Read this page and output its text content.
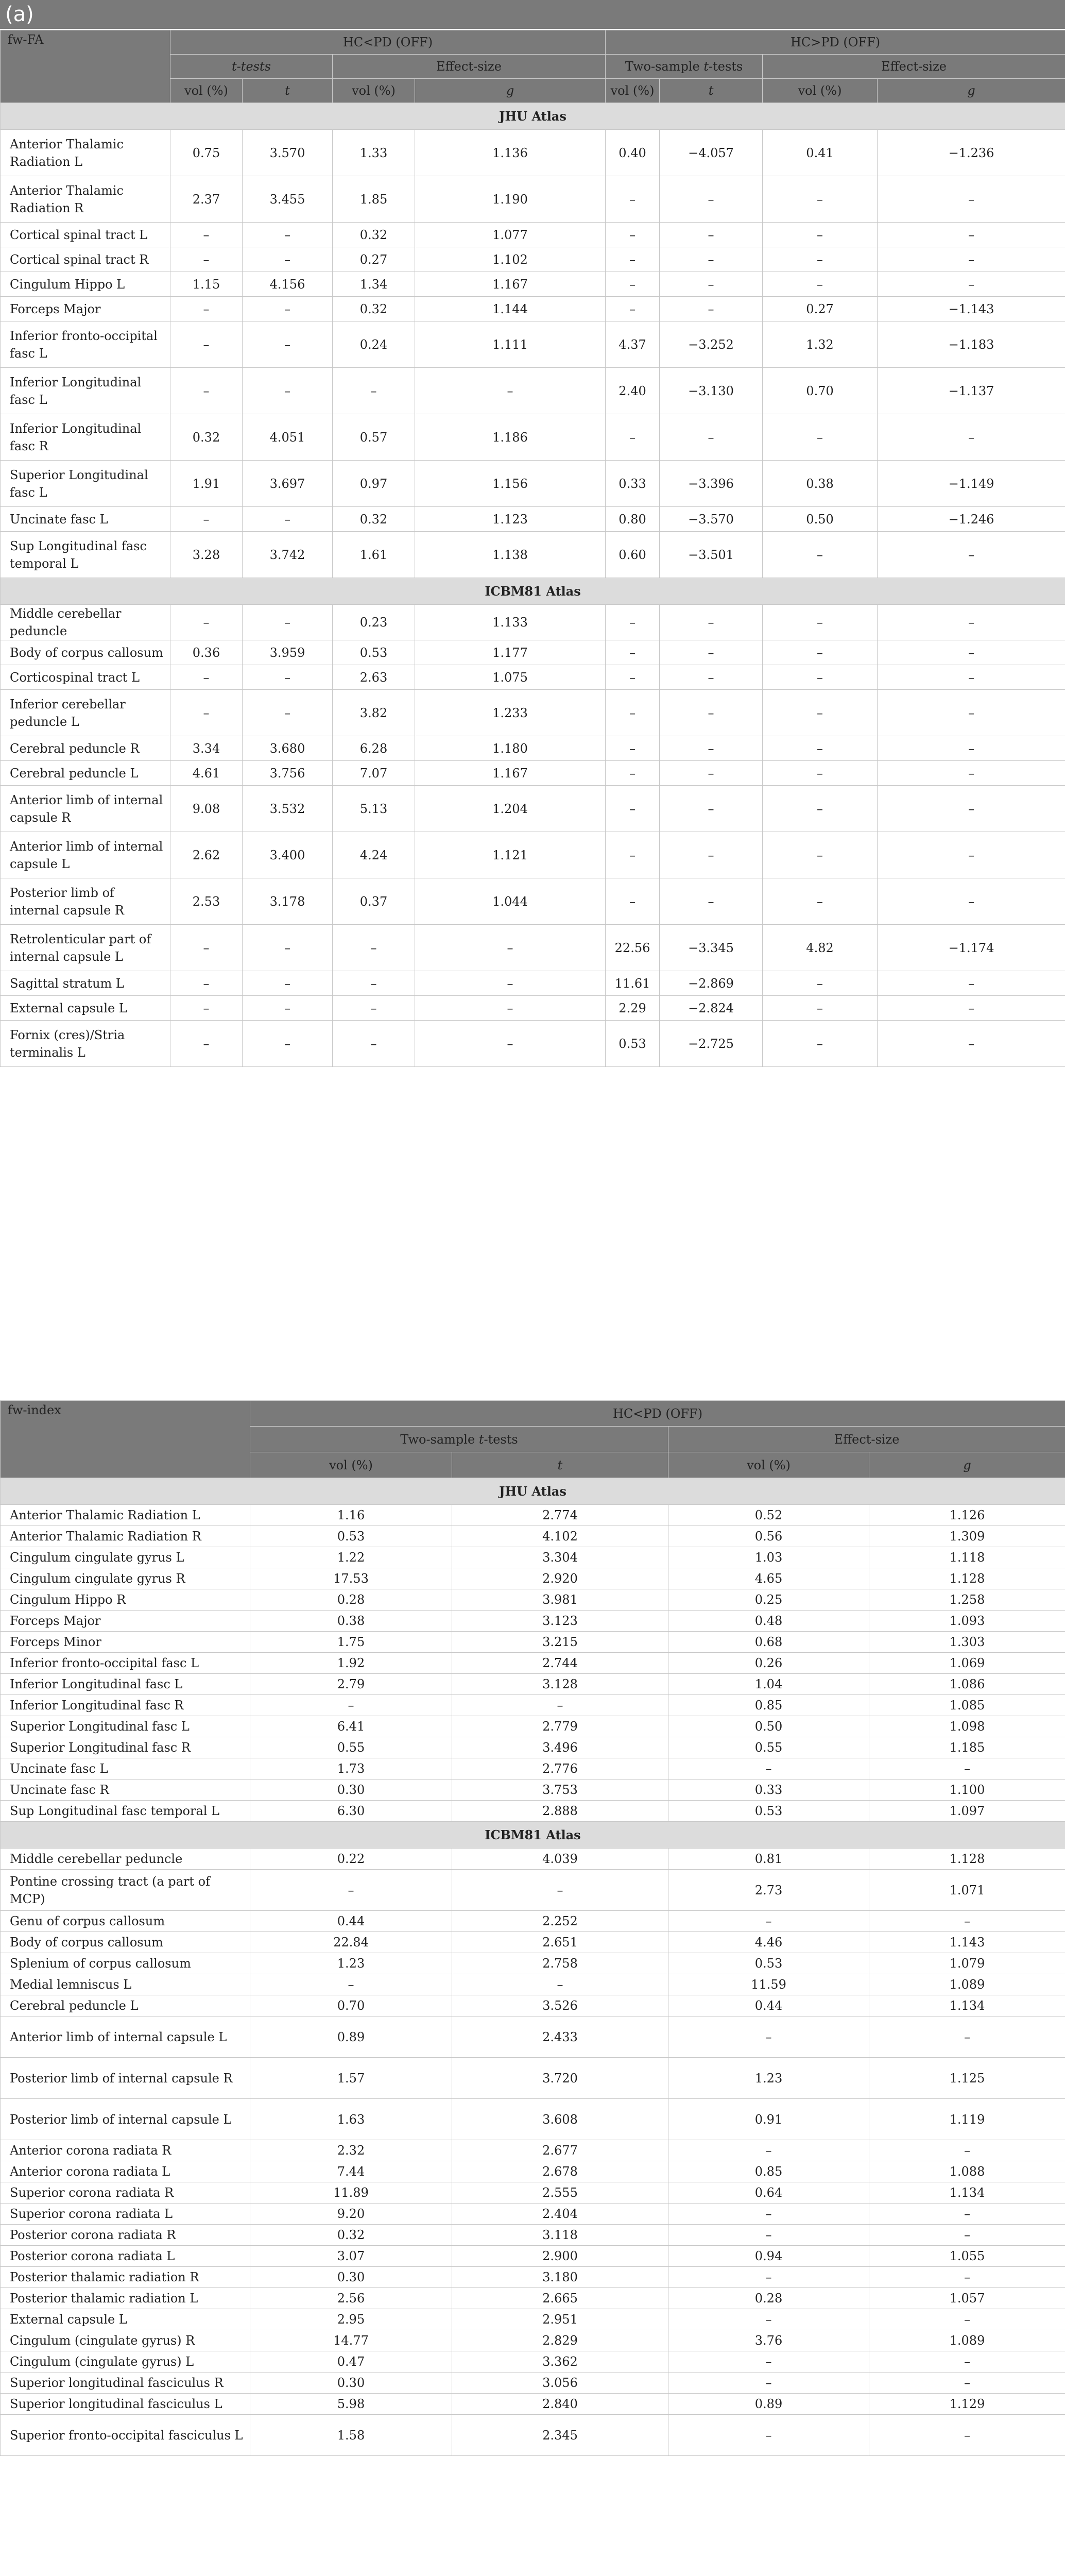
(a)
fw-FA	HC<PD (OFF)				HC>PD (OFF)			
	t-tests		Effect-size		Two-sample t-tests		Effect-size	
	vol (%)	t	vol (%)	g	vol (%)	t	vol (%)	g
JHU Atlas								
Anterior Thalamic Radiation L	0.75	3.570	1.33	1.136	0.40	−4.057	0.41	−1.236
Anterior Thalamic Radiation R	2.37	3.455	1.85	1.190	–	–	–	–
Cortical spinal tract L	–	–	0.32	1.077	–	–	–	–
Cortical spinal tract R	–	–	0.27	1.102	–	–	–	–
Cingulum Hippo L	1.15	4.156	1.34	1.167	–	–	–	–
Forceps Major	–	–	0.32	1.144	–	–	0.27	−1.143
Inferior fronto-occipital fasc L	–	–	0.24	1.111	4.37	−3.252	1.32	−1.183
Inferior Longitudinal fasc L	–	–	–	–	2.40	−3.130	0.70	−1.137
Inferior Longitudinal fasc R	0.32	4.051	0.57	1.186	–	–	–	–
Superior Longitudinal fasc L	1.91	3.697	0.97	1.156	0.33	−3.396	0.38	−1.149
Uncinate fasc L	–	–	0.32	1.123	0.80	−3.570	0.50	−1.246
Sup Longitudinal fasc temporal L	3.28	3.742	1.61	1.138	0.60	−3.501	–	–
ICBM81 Atlas								
Middle cerebellar peduncle	–	–	0.23	1.133	–	–	–	–
Body of corpus callosum	0.36	3.959	0.53	1.177	–	–	–	–
Corticospinal tract L	–	–	2.63	1.075	–	–	–	–
Inferior cerebellar peduncle L	–	–	3.82	1.233	–	–	–	–
Cerebral peduncle R	3.34	3.680	6.28	1.180	–	–	–	–
Cerebral peduncle L	4.61	3.756	7.07	1.167	–	–	–	–
Anterior limb of internal capsule R	9.08	3.532	5.13	1.204	–	–	–	–
Anterior limb of internal capsule L	2.62	3.400	4.24	1.121	–	–	–	–
Posterior limb of internal capsule R	2.53	3.178	0.37	1.044	–	–	–	–
Retrolenticular part of internal capsule L	–	–	–	–	22.56	−3.345	4.82	−1.174
Sagittal stratum L	–	–	–	–	11.61	−2.869	–	–
External capsule L	–	–	–	–	2.29	−2.824	–	–
Fornix (cres)/Stria terminalis L	–	–	–	–	0.53	−2.725	–	–
fw-index	HC<PD (OFF)			
	Two-sample t-tests		Effect-size	
	vol (%)	t	vol (%)	g
JHU Atlas				
Anterior Thalamic Radiation L	1.16	2.774	0.52	1.126
Anterior Thalamic Radiation R	0.53	4.102	0.56	1.309
Cingulum cingulate gyrus L	1.22	3.304	1.03	1.118
Cingulum cingulate gyrus R	17.53	2.920	4.65	1.128
Cingulum Hippo R	0.28	3.981	0.25	1.258
Forceps Major	0.38	3.123	0.48	1.093
Forceps Minor	1.75	3.215	0.68	1.303
Inferior fronto-occipital fasc L	1.92	2.744	0.26	1.069
Inferior Longitudinal fasc L	2.79	3.128	1.04	1.086
Inferior Longitudinal fasc R	–	–	0.85	1.085
Superior Longitudinal fasc L	6.41	2.779	0.50	1.098
Superior Longitudinal fasc R	0.55	3.496	0.55	1.185
Uncinate fasc L	1.73	2.776	–	–
Uncinate fasc R	0.30	3.753	0.33	1.100
Sup Longitudinal fasc temporal L	6.30	2.888	0.53	1.097
ICBM81 Atlas				
Middle cerebellar peduncle	0.22	4.039	0.81	1.128
Pontine crossing tract (a part of MCP)	–	–	2.73	1.071
Genu of corpus callosum	0.44	2.252	–	–
Body of corpus callosum	22.84	2.651	4.46	1.143
Splenium of corpus callosum	1.23	2.758	0.53	1.079
Medial lemniscus L	–	–	11.59	1.089
Cerebral peduncle L	0.70	3.526	0.44	1.134
Anterior limb of internal capsule L	0.89	2.433	–	–
Posterior limb of internal capsule R	1.57	3.720	1.23	1.125
Posterior limb of internal capsule L	1.63	3.608	0.91	1.119
Anterior corona radiata R	2.32	2.677	–	–
Anterior corona radiata L	7.44	2.678	0.85	1.088
Superior corona radiata R	11.89	2.555	0.64	1.134
Superior corona radiata L	9.20	2.404	–	–
Posterior corona radiata R	0.32	3.118	–	–
Posterior corona radiata L	3.07	2.900	0.94	1.055
Posterior thalamic radiation R	0.30	3.180	–	–
Posterior thalamic radiation L	2.56	2.665	0.28	1.057
External capsule L	2.95	2.951	–	–
Cingulum (cingulate gyrus) R	14.77	2.829	3.76	1.089
Cingulum (cingulate gyrus) L	0.47	3.362	–	–
Superior longitudinal fasciculus R	0.30	3.056	–	–
Superior longitudinal fasciculus L	5.98	2.840	0.89	1.129
Superior fronto-occipital fasciculus L	1.58	2.345	–	–
